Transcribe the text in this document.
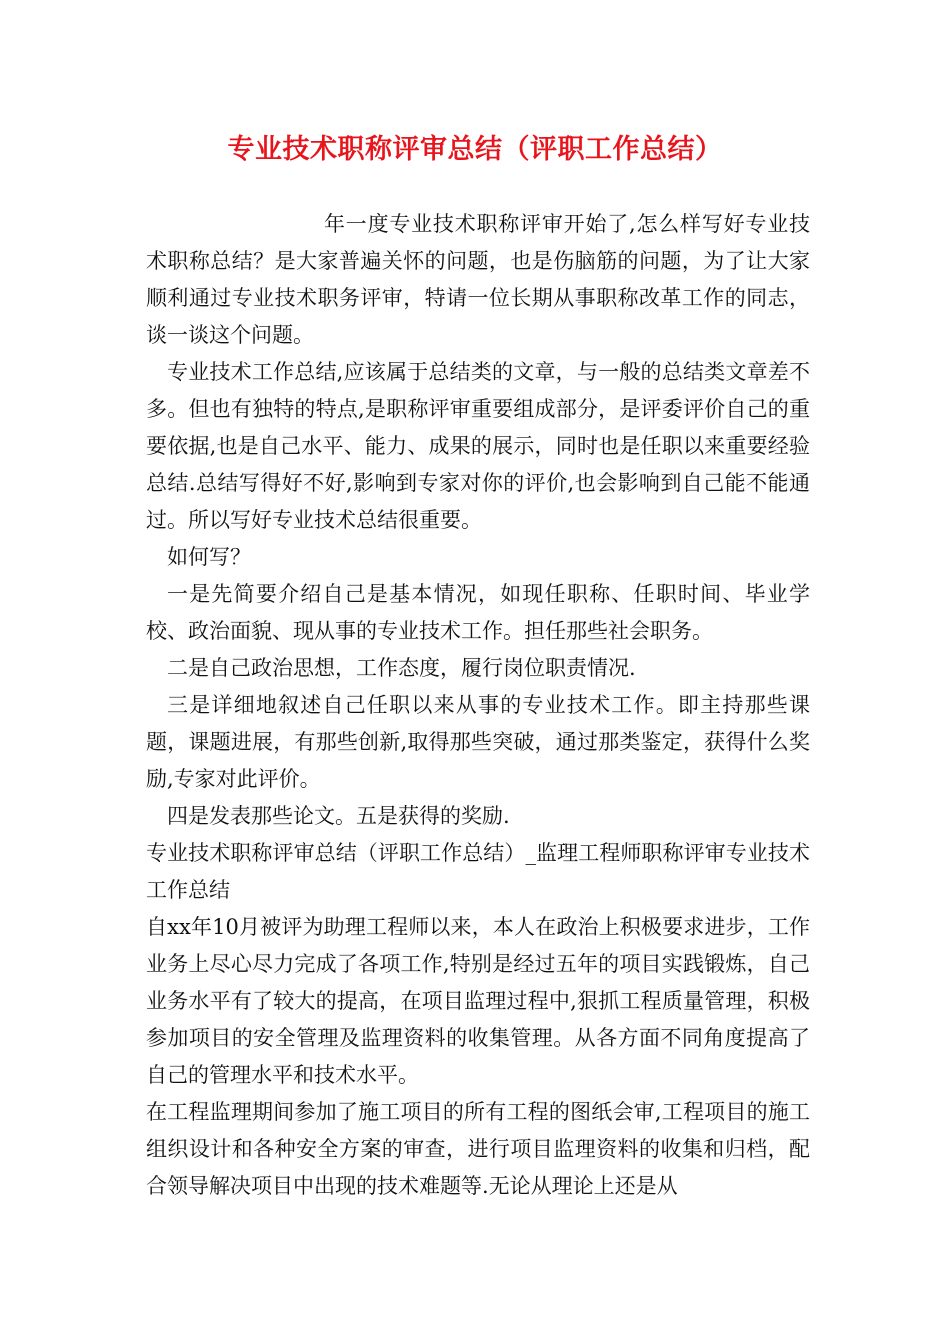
专业技术职称评审总结（评职工作总结）

年一度专业技术职称评审开始了,怎么样写好专业技术职称总结？是大家普遍关怀的问题，也是伤脑筋的问题，为了让大家顺利通过专业技术职务评审，特请一位长期从事职称改革工作的同志，谈一谈这个问题。

专业技术工作总结,应该属于总结类的文章，与一般的总结类文章差不多。但也有独特的特点,是职称评审重要组成部分，是评委评价自己的重要依据,也是自己水平、能力、成果的展示，同时也是任职以来重要经验总结.总结写得好不好,影响到专家对你的评价,也会影响到自己能不能通过。所以写好专业技术总结很重要。

如何写？

一是先简要介绍自己是基本情况，如现任职称、任职时间、毕业学校、政治面貌、现从事的专业技术工作。担任那些社会职务。

二是自己政治思想，工作态度，履行岗位职责情况.

三是详细地叙述自己任职以来从事的专业技术工作。即主持那些课题，课题进展，有那些创新,取得那些突破，通过那类鉴定，获得什么奖励,专家对此评价。

四是发表那些论文。五是获得的奖励.

专业技术职称评审总结（评职工作总结）_监理工程师职称评审专业技术工作总结

自xx年10月被评为助理工程师以来，本人在政治上积极要求进步，工作业务上尽心尽力完成了各项工作,特别是经过五年的项目实践锻炼，自己业务水平有了较大的提高，在项目监理过程中,狠抓工程质量管理，积极参加项目的安全管理及监理资料的收集管理。从各方面不同角度提高了自己的管理水平和技术水平。

在工程监理期间参加了施工项目的所有工程的图纸会审,工程项目的施工组织设计和各种安全方案的审查，进行项目监理资料的收集和归档，配合领导解决项目中出现的技术难题等.无论从理论上还是从
